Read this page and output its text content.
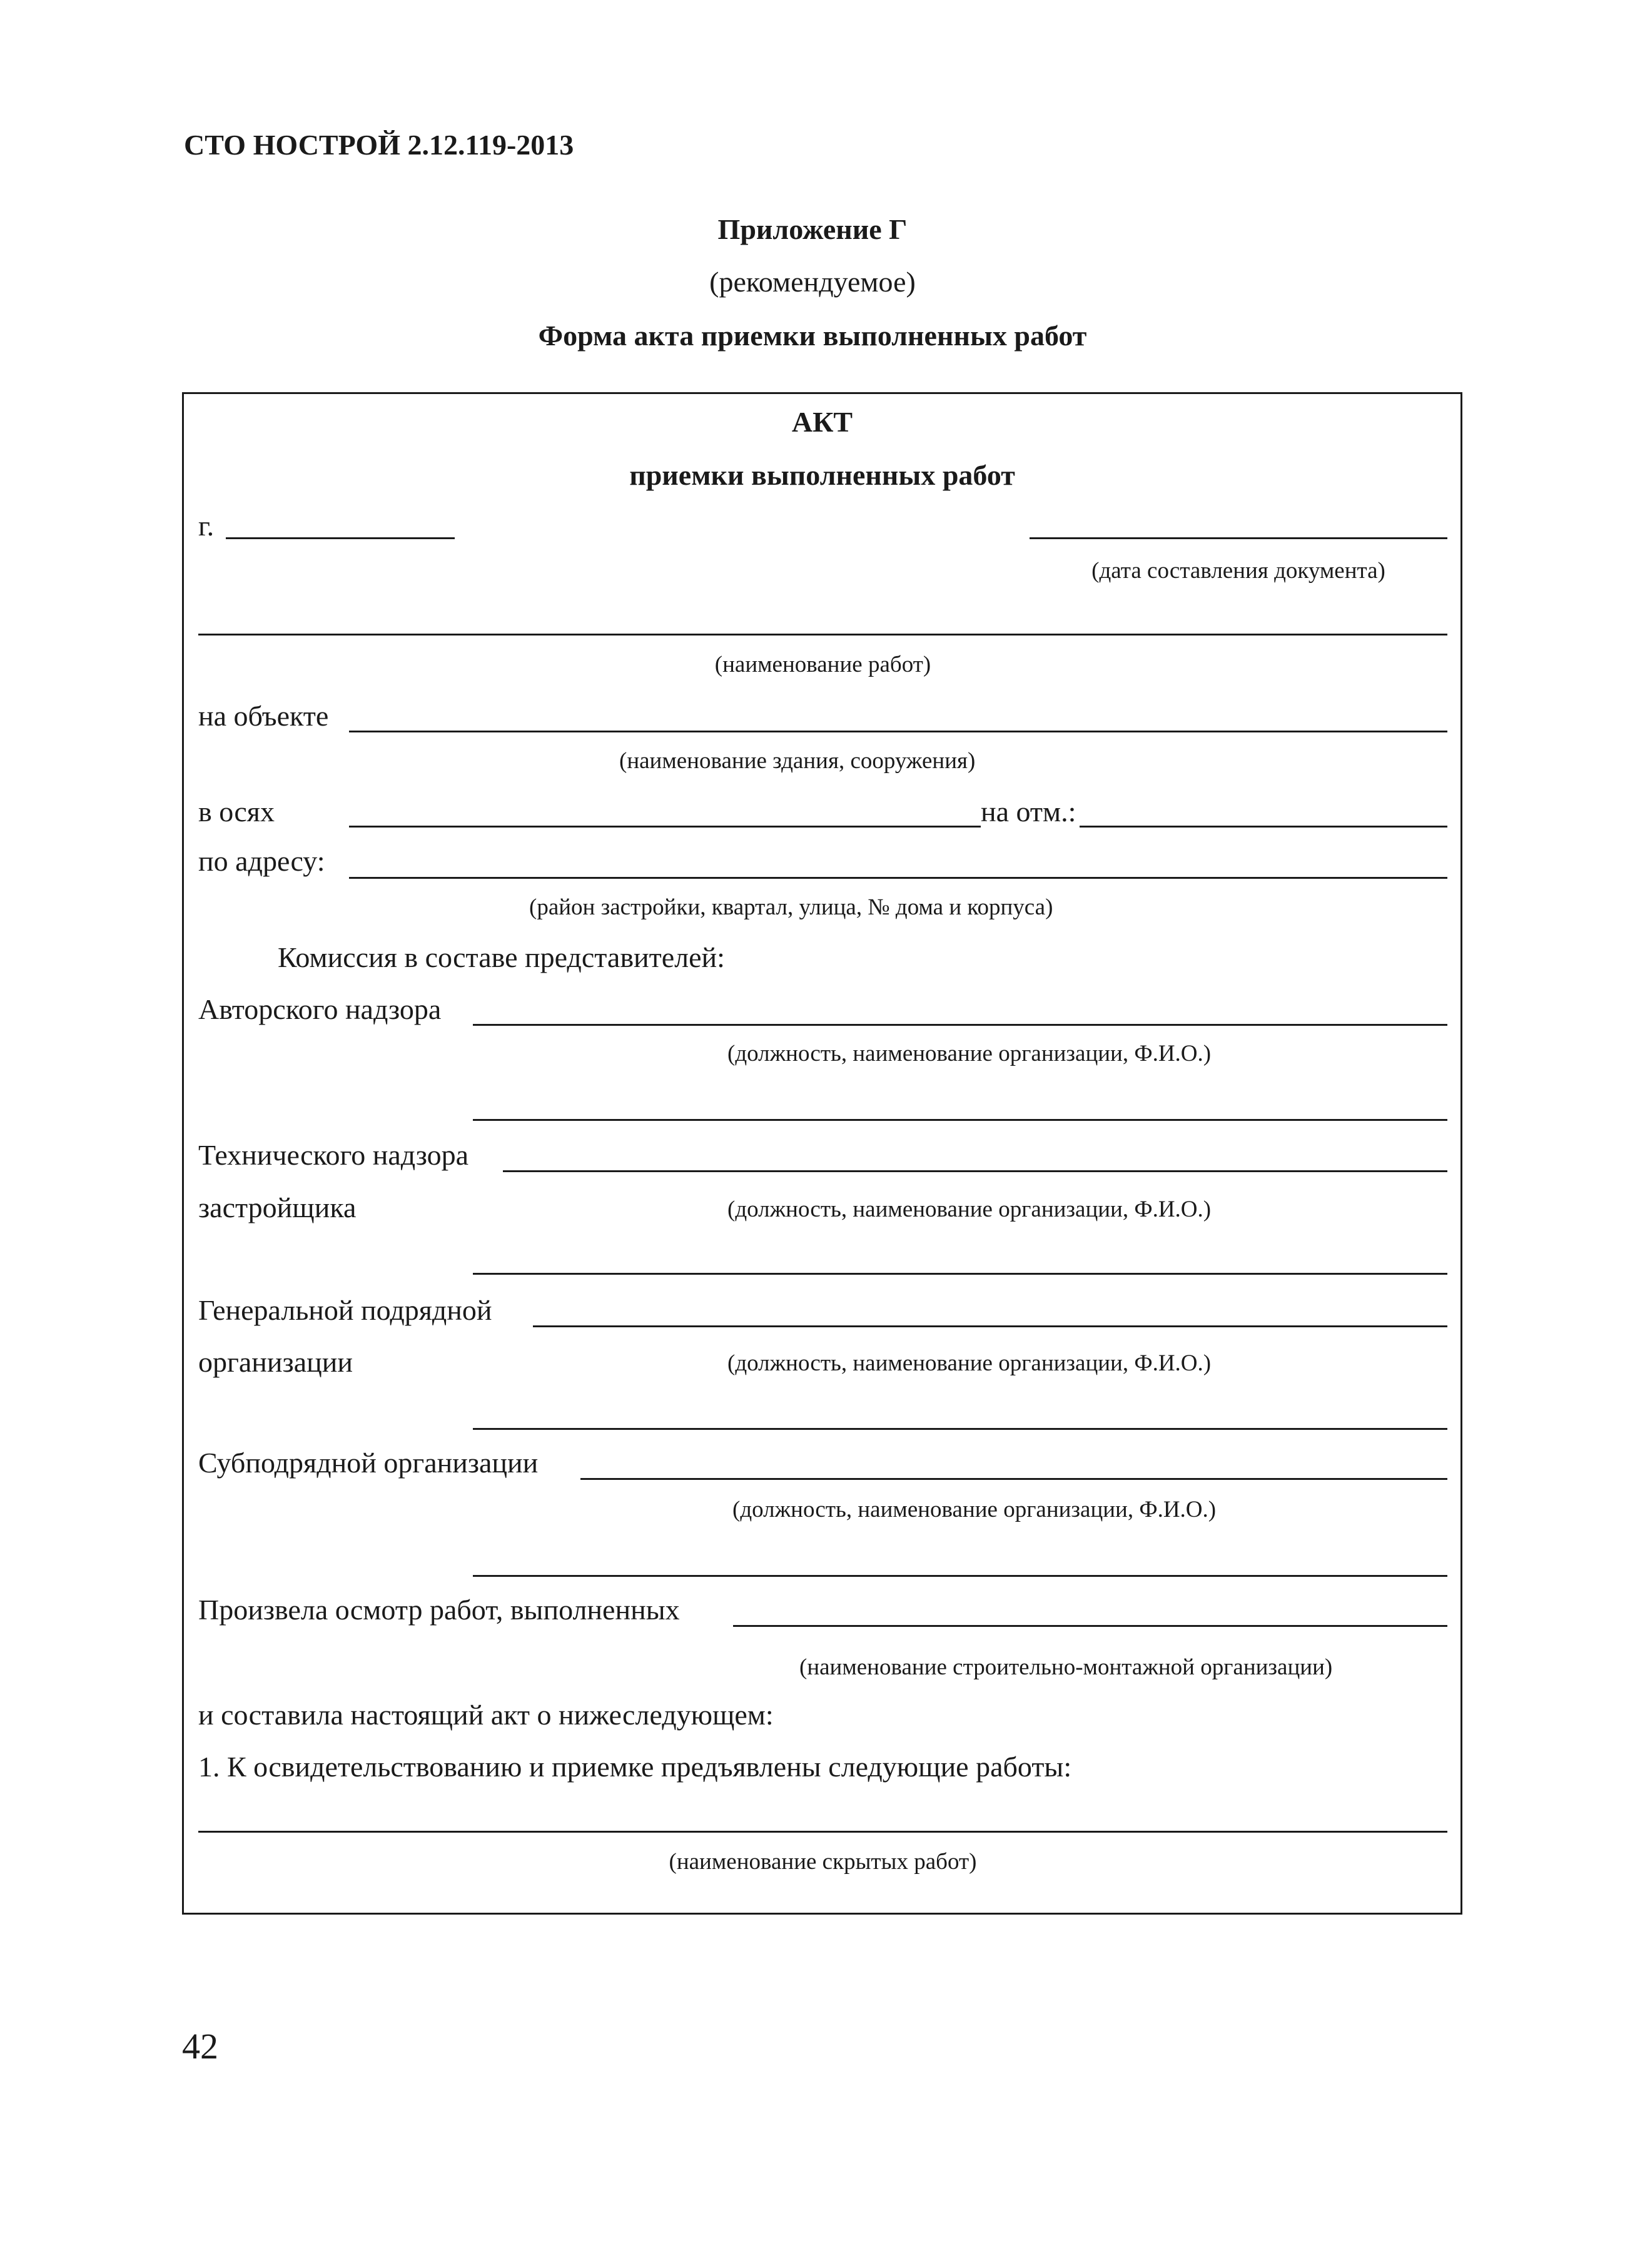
СТО НОСТРОЙ 2.12.119-2013
Приложение Г
(рекомендуемое)
Форма акта приемки выполненных работ
АКТ
приемки выполненных работ
г.
(дата составления документа)
(наименование работ)
на объекте
(наименование здания, сооружения)
в осях	на отм.:
по адресу:
(район застройки, квартал, улица, № дома и корпуса)
Комиссия в составе представителей:
Авторского надзора
(должность, наименование организации, Ф.И.О.)
Технического надзора
застройщика	(должность, наименование организации, Ф.И.О.)
Генеральной подрядной
организации	(должность, наименование организации, Ф.И.О.)
Субподрядной организации
(должность, наименование организации, Ф.И.О.)
Произвела осмотр работ, выполненных
(наименование строительно-монтажной организации)
и составила настоящий акт о нижеследующем:
1. К освидетельствованию и приемке предъявлены следующие работы:
(наименование скрытых работ)
42
